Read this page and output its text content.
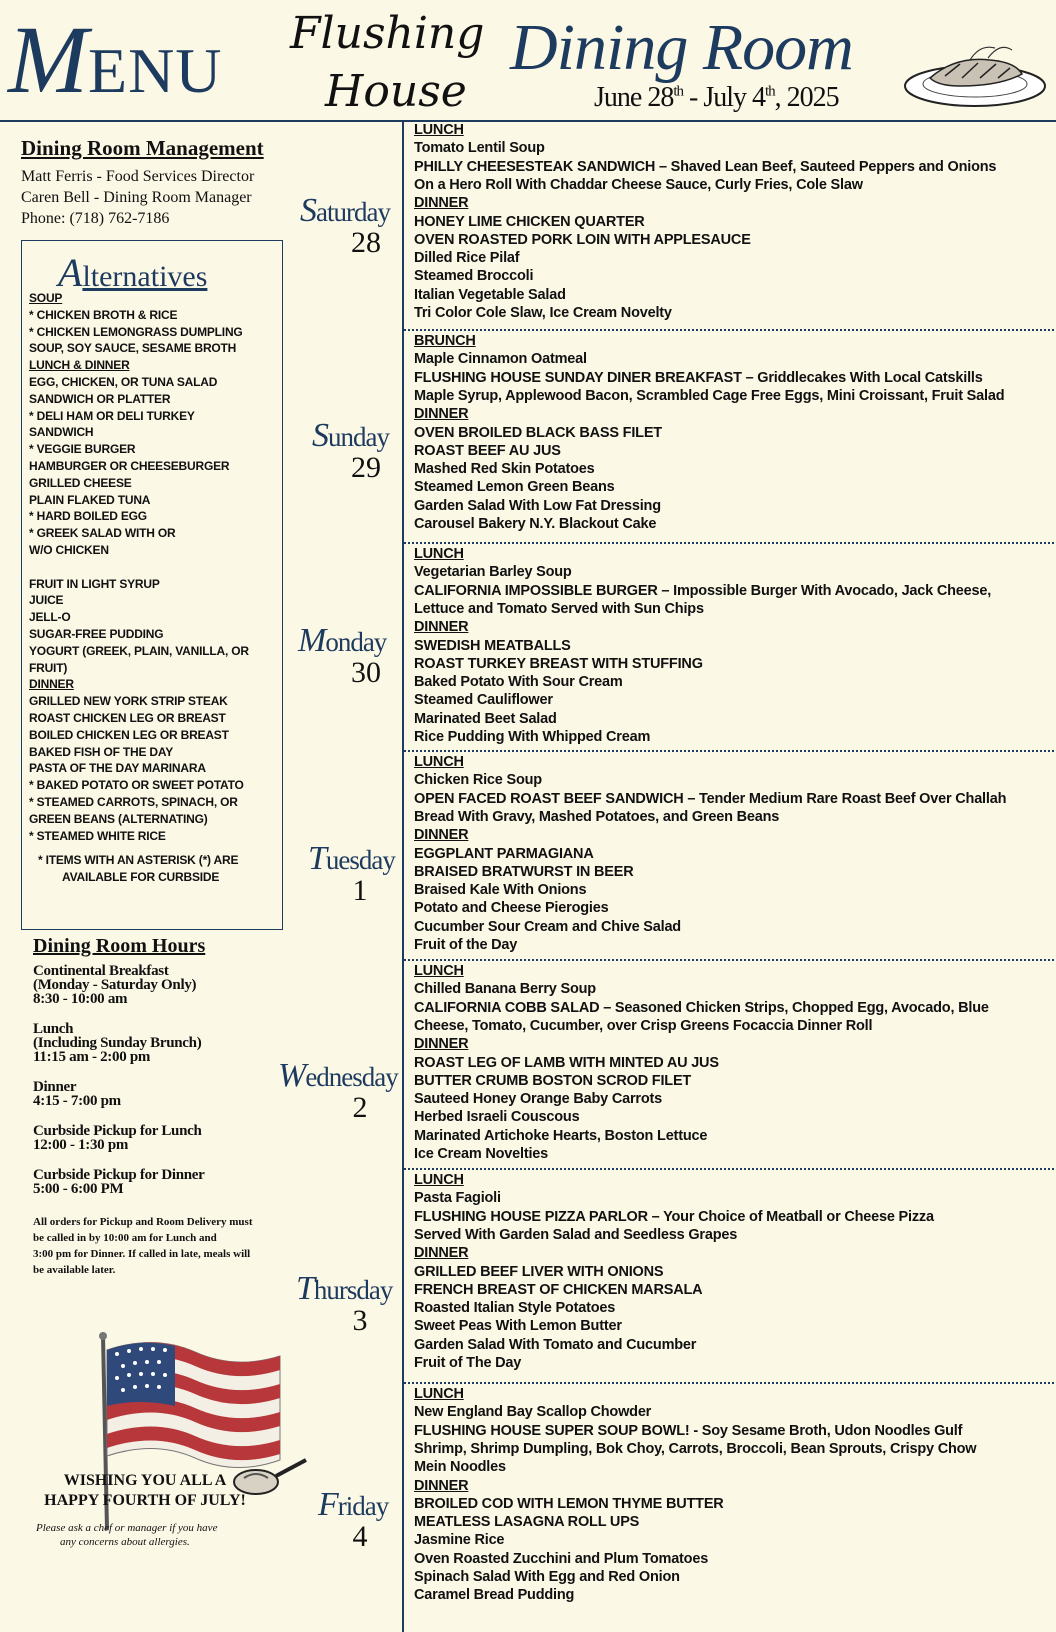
MENU
Flushing
House
Dining Room
June 28th - July 4th, 2025
Dining Room Management
Matt Ferris - Food Services Director
Caren Bell - Dining Room Manager
Phone: (718) 762-7186
Alternatives
SOUP
* CHICKEN BROTH & RICE
* CHICKEN LEMONGRASS DUMPLING
SOUP, SOY SAUCE, SESAME BROTH
LUNCH & DINNER
EGG, CHICKEN, OR TUNA SALAD
SANDWICH OR PLATTER
* DELI HAM OR DELI TURKEY
SANDWICH
* VEGGIE BURGER
HAMBURGER OR CHEESEBURGER
GRILLED CHEESE
PLAIN FLAKED TUNA
* HARD BOILED EGG
* GREEK SALAD WITH OR
W/O CHICKEN
FRUIT IN LIGHT SYRUP
JUICE
JELL-O
SUGAR-FREE PUDDING
YOGURT (GREEK, PLAIN, VANILLA, OR
FRUIT)
DINNER
GRILLED NEW YORK STRIP STEAK
ROAST CHICKEN LEG OR BREAST
BOILED CHICKEN LEG OR BREAST
BAKED FISH OF THE DAY
PASTA OF THE DAY MARINARA
* BAKED POTATO OR SWEET POTATO
* STEAMED CARROTS, SPINACH, OR
GREEN BEANS (ALTERNATING)
* STEAMED WHITE RICE
* ITEMS WITH AN ASTERISK (*) ARE
AVAILABLE FOR CURBSIDE
Dining Room Hours
Continental Breakfast
(Monday - Saturday Only)
8:30 - 10:00 am
Lunch
(Including Sunday Brunch)
11:15 am - 2:00 pm
Dinner
4:15 - 7:00 pm
Curbside Pickup for Lunch
12:00 - 1:30 pm
Curbside Pickup for Dinner
5:00 - 6:00 PM
All orders for Pickup and Room Delivery must
be called in by 10:00 am for Lunch and
3:00 pm for Dinner. If called in late, meals will
be available later.
WISHING YOU ALL A
HAPPY FOURTH OF JULY!
Please ask a chef or manager if you have
any concerns about allergies.
Saturday
28
LUNCH
Tomato Lentil Soup
PHILLY CHEESESTEAK SANDWICH – Shaved Lean Beef, Sauteed Peppers and Onions
On a Hero Roll With Chaddar Cheese Sauce, Curly Fries, Cole Slaw
DINNER
HONEY LIME CHICKEN QUARTER
OVEN ROASTED PORK LOIN WITH APPLESAUCE
Dilled Rice Pilaf
Steamed Broccoli
Italian Vegetable Salad
Tri Color Cole Slaw, Ice Cream Novelty
Sunday
29
BRUNCH
Maple Cinnamon Oatmeal
FLUSHING HOUSE SUNDAY DINER BREAKFAST – Griddlecakes With Local Catskills
Maple Syrup, Applewood Bacon, Scrambled Cage Free Eggs, Mini Croissant, Fruit Salad
DINNER
OVEN BROILED BLACK BASS FILET
ROAST BEEF AU JUS
Mashed Red Skin Potatoes
Steamed Lemon Green Beans
Garden Salad With Low Fat Dressing
Carousel Bakery N.Y. Blackout Cake
Monday
30
LUNCH
Vegetarian Barley Soup
CALIFORNIA IMPOSSIBLE BURGER – Impossible Burger With Avocado, Jack Cheese,
Lettuce and Tomato Served with Sun Chips
DINNER
SWEDISH MEATBALLS
ROAST TURKEY BREAST WITH STUFFING
Baked Potato With Sour Cream
Steamed Cauliflower
Marinated Beet Salad
Rice Pudding With Whipped Cream
Tuesday
1
LUNCH
Chicken Rice Soup
OPEN FACED ROAST BEEF SANDWICH – Tender Medium Rare Roast Beef Over Challah
Bread With Gravy, Mashed Potatoes, and Green Beans
DINNER
EGGPLANT PARMAGIANA
BRAISED BRATWURST IN BEER
Braised Kale With Onions
Potato and Cheese Pierogies
Cucumber Sour Cream and Chive Salad
Fruit of the Day
Wednesday
2
LUNCH
Chilled Banana Berry Soup
CALIFORNIA COBB SALAD – Seasoned Chicken Strips, Chopped Egg, Avocado, Blue
Cheese, Tomato, Cucumber, over Crisp Greens Focaccia Dinner Roll
DINNER
ROAST LEG OF LAMB WITH MINTED AU JUS
BUTTER CRUMB BOSTON SCROD FILET
Sauteed Honey Orange Baby Carrots
Herbed Israeli Couscous
Marinated Artichoke Hearts, Boston Lettuce
Ice Cream Novelties
Thursday
3
LUNCH
Pasta Fagioli
FLUSHING HOUSE PIZZA PARLOR – Your Choice of Meatball or Cheese Pizza
Served With Garden Salad and Seedless Grapes
DINNER
GRILLED BEEF LIVER WITH ONIONS
FRENCH BREAST OF CHICKEN MARSALA
Roasted Italian Style Potatoes
Sweet Peas With Lemon Butter
Garden Salad With Tomato and Cucumber
Fruit of The Day
Friday
4
LUNCH
New England Bay Scallop Chowder
FLUSHING HOUSE SUPER SOUP BOWL! - Soy Sesame Broth, Udon Noodles Gulf
Shrimp, Shrimp Dumpling, Bok Choy, Carrots, Broccoli, Bean Sprouts, Crispy Chow
Mein Noodles
DINNER
BROILED COD WITH LEMON THYME BUTTER
MEATLESS LASAGNA ROLL UPS
Jasmine Rice
Oven Roasted Zucchini and Plum Tomatoes
Spinach Salad With Egg and Red Onion
Caramel Bread Pudding
